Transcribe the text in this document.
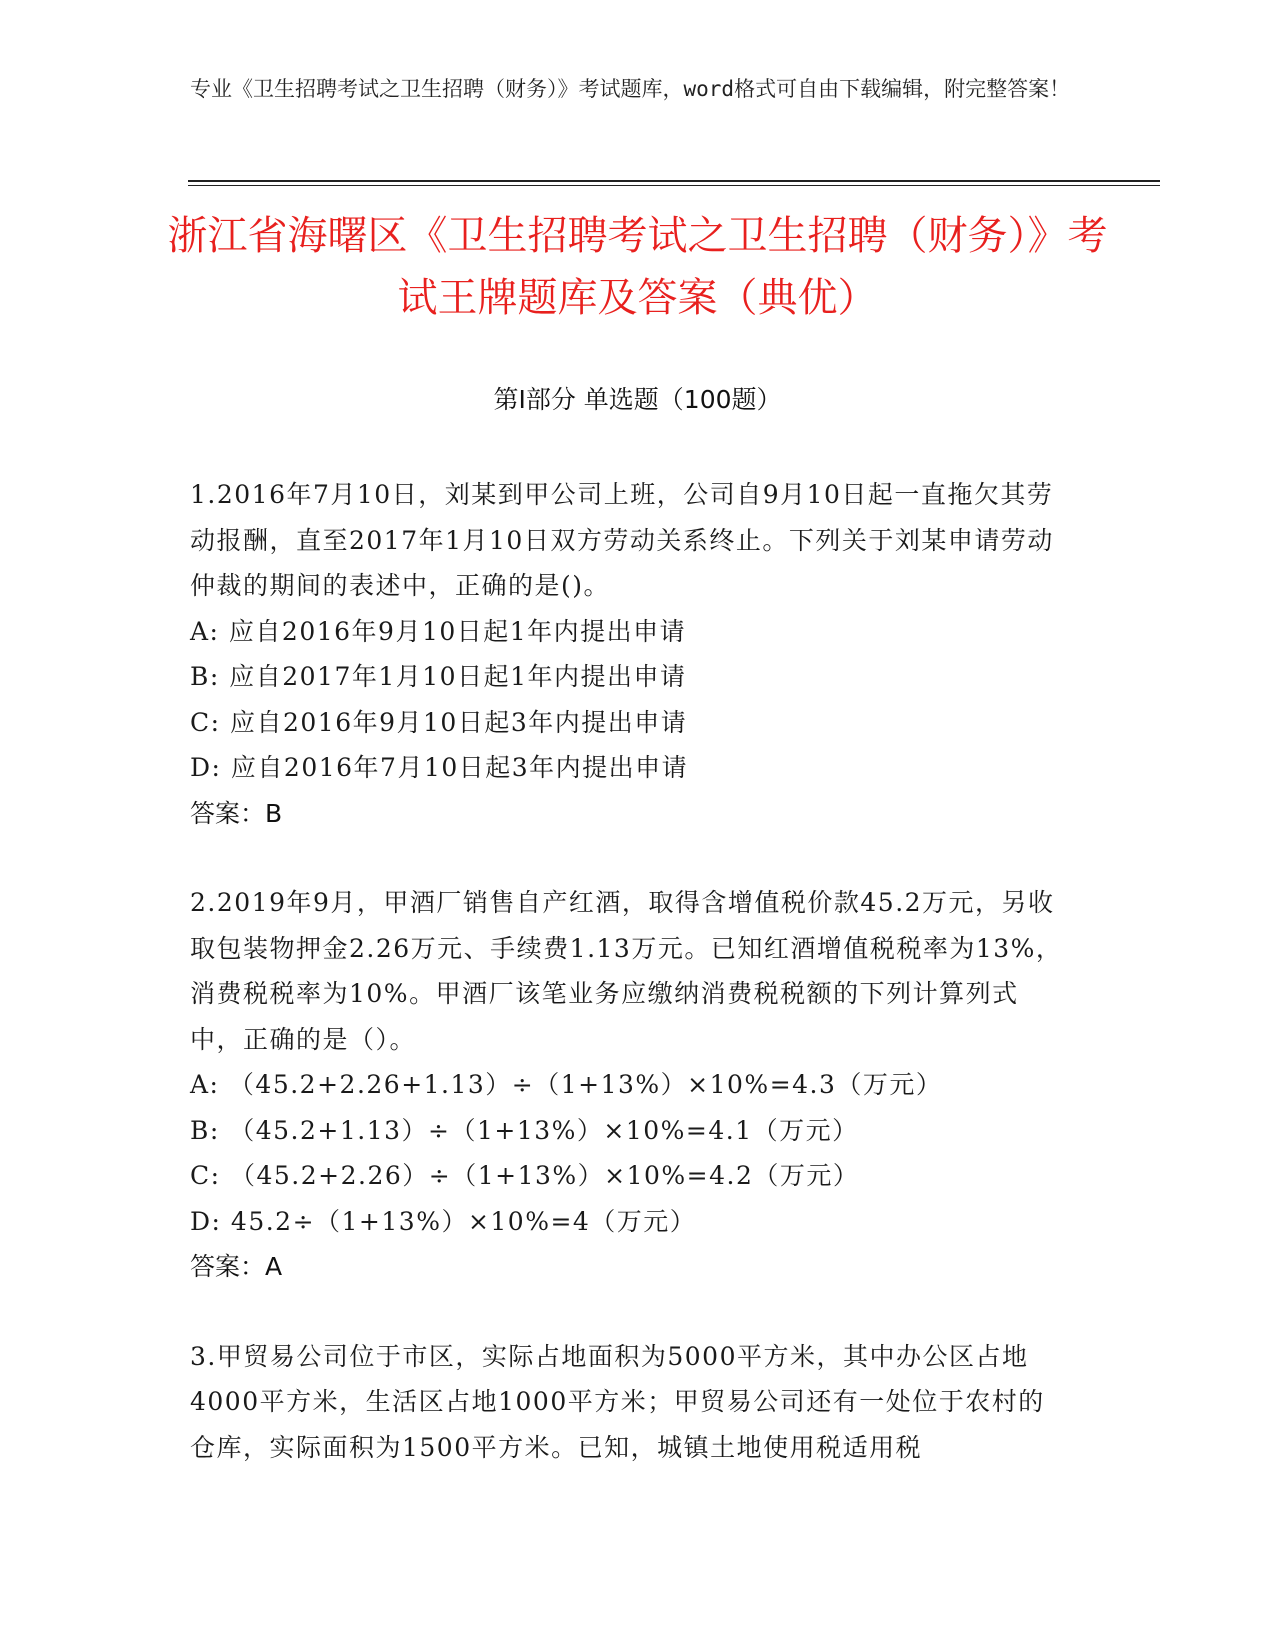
专业《卫生招聘考试之卫生招聘（财务）》考试题库，word格式可自由下载编辑，附完整答案！
浙江省海曙区《卫生招聘考试之卫生招聘（财务）》考试王牌题库及答案（典优）
第Ⅰ部分 单选题（100题）

1.2016年7月10日，刘某到甲公司上班，公司自9月10日起一直拖欠其劳动报酬，直至2017年1月10日双方劳动关系终止。下列关于刘某申请劳动仲裁的期间的表述中，正确的是()。

A: 应自2016年9月10日起1年内提出申请

B: 应自2017年1月10日起1年内提出申请

C: 应自2016年9月10日起3年内提出申请

D: 应自2016年7月10日起3年内提出申请

答案：B

2.2019年9月，甲酒厂销售自产红酒，取得含增值税价款45.2万元，另收取包装物押金2.26万元、手续费1.13万元。已知红酒增值税税率为13%，消费税税率为10%。甲酒厂该笔业务应缴纳消费税税额的下列计算列式中，正确的是（）。

A: （45.2+2.26+1.13）÷（1+13%）×10%=4.3（万元）

B: （45.2+1.13）÷（1+13%）×10%=4.1（万元）

C: （45.2+2.26）÷（1+13%）×10%=4.2（万元）

D: 45.2÷（1+13%）×10%=4（万元）

答案：A

3.甲贸易公司位于市区，实际占地面积为5000平方米，其中办公区占地4000平方米，生活区占地1000平方米；甲贸易公司还有一处位于农村的仓库，实际面积为1500平方米。已知，城镇土地使用税适用税
